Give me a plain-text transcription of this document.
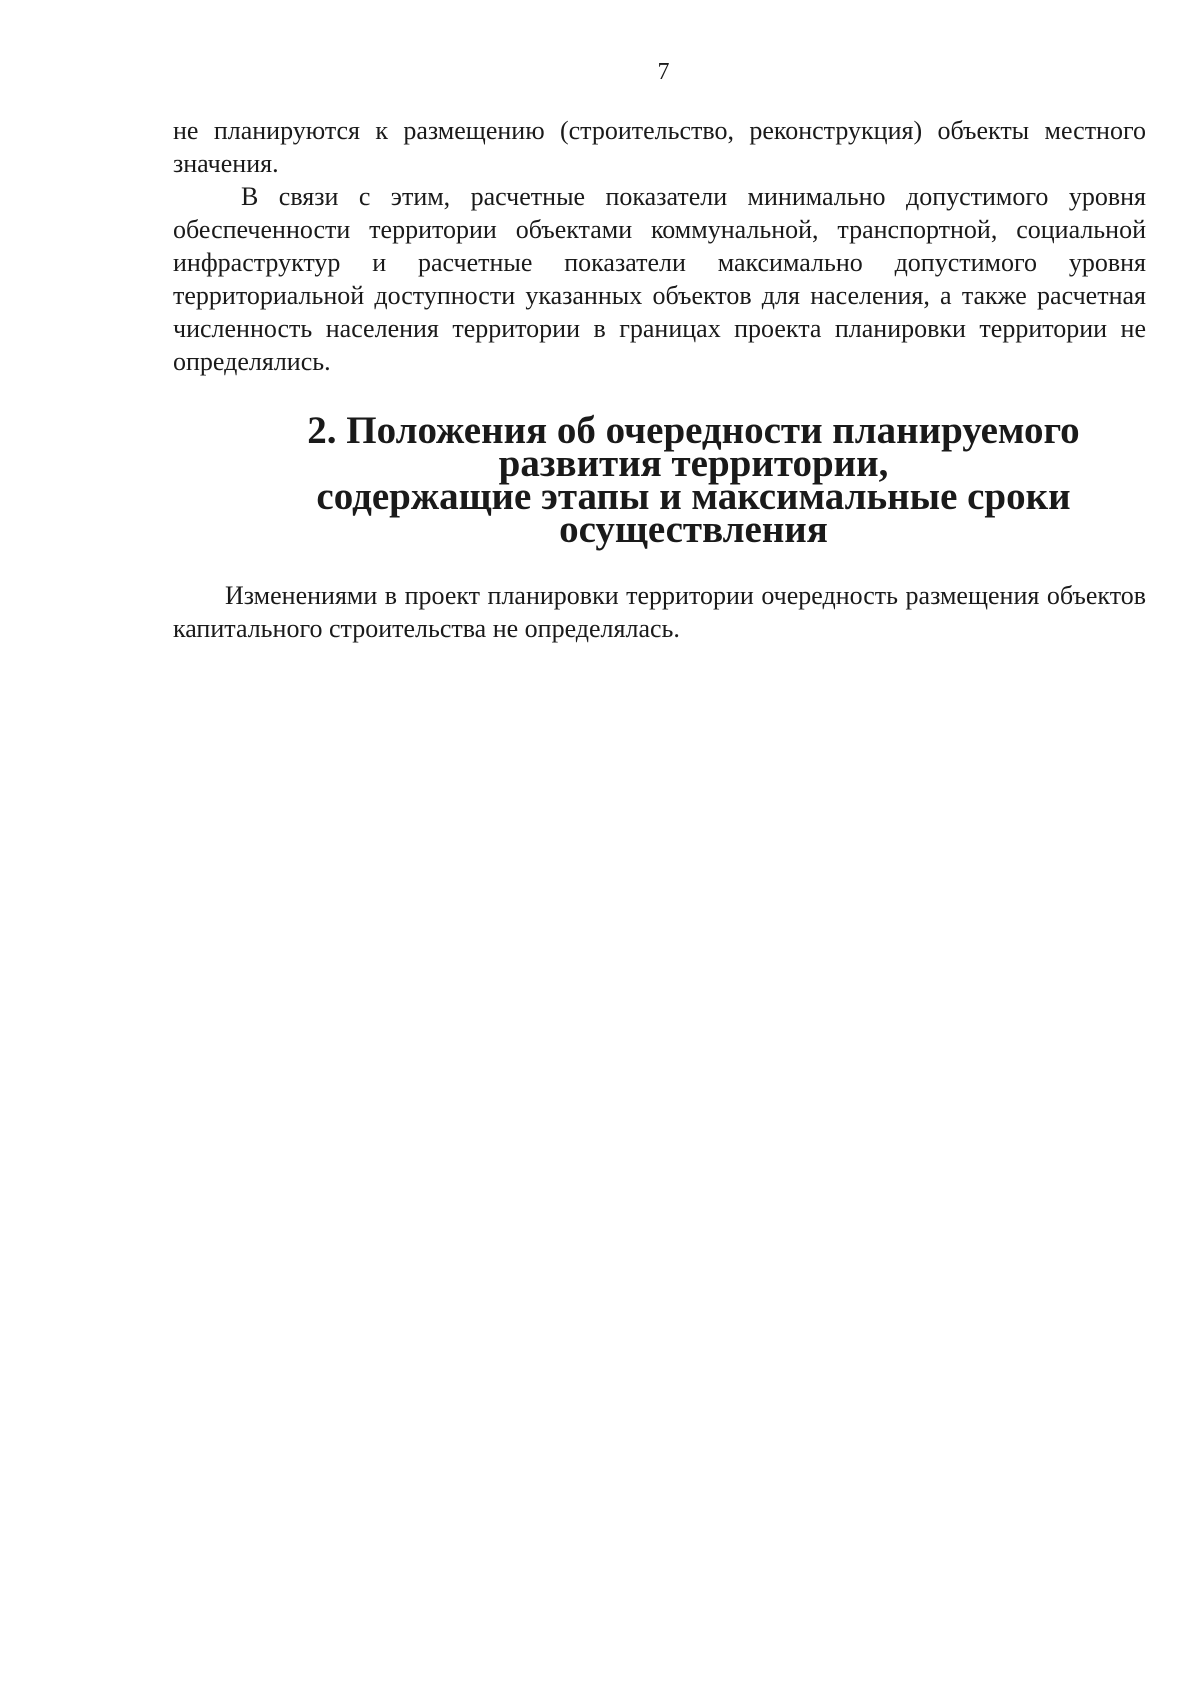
7

не планируются к размещению (строительство, реконструкция) объекты местного значения.

В связи с этим, расчетные показатели минимально допустимого уровня обеспеченности территории объектами коммунальной, транспортной, социальной инфраструктур и расчетные показатели максимально допустимого уровня территориальной доступности указанных объектов для населения, а также расчетная численность населения территории в границах проекта планировки территории не определялись.

2. Положения об очередности планируемого развития территории,
содержащие этапы и максимальные сроки осуществления

Изменениями в проект планировки территории очередность размещения объектов капитального строительства не определялась.
